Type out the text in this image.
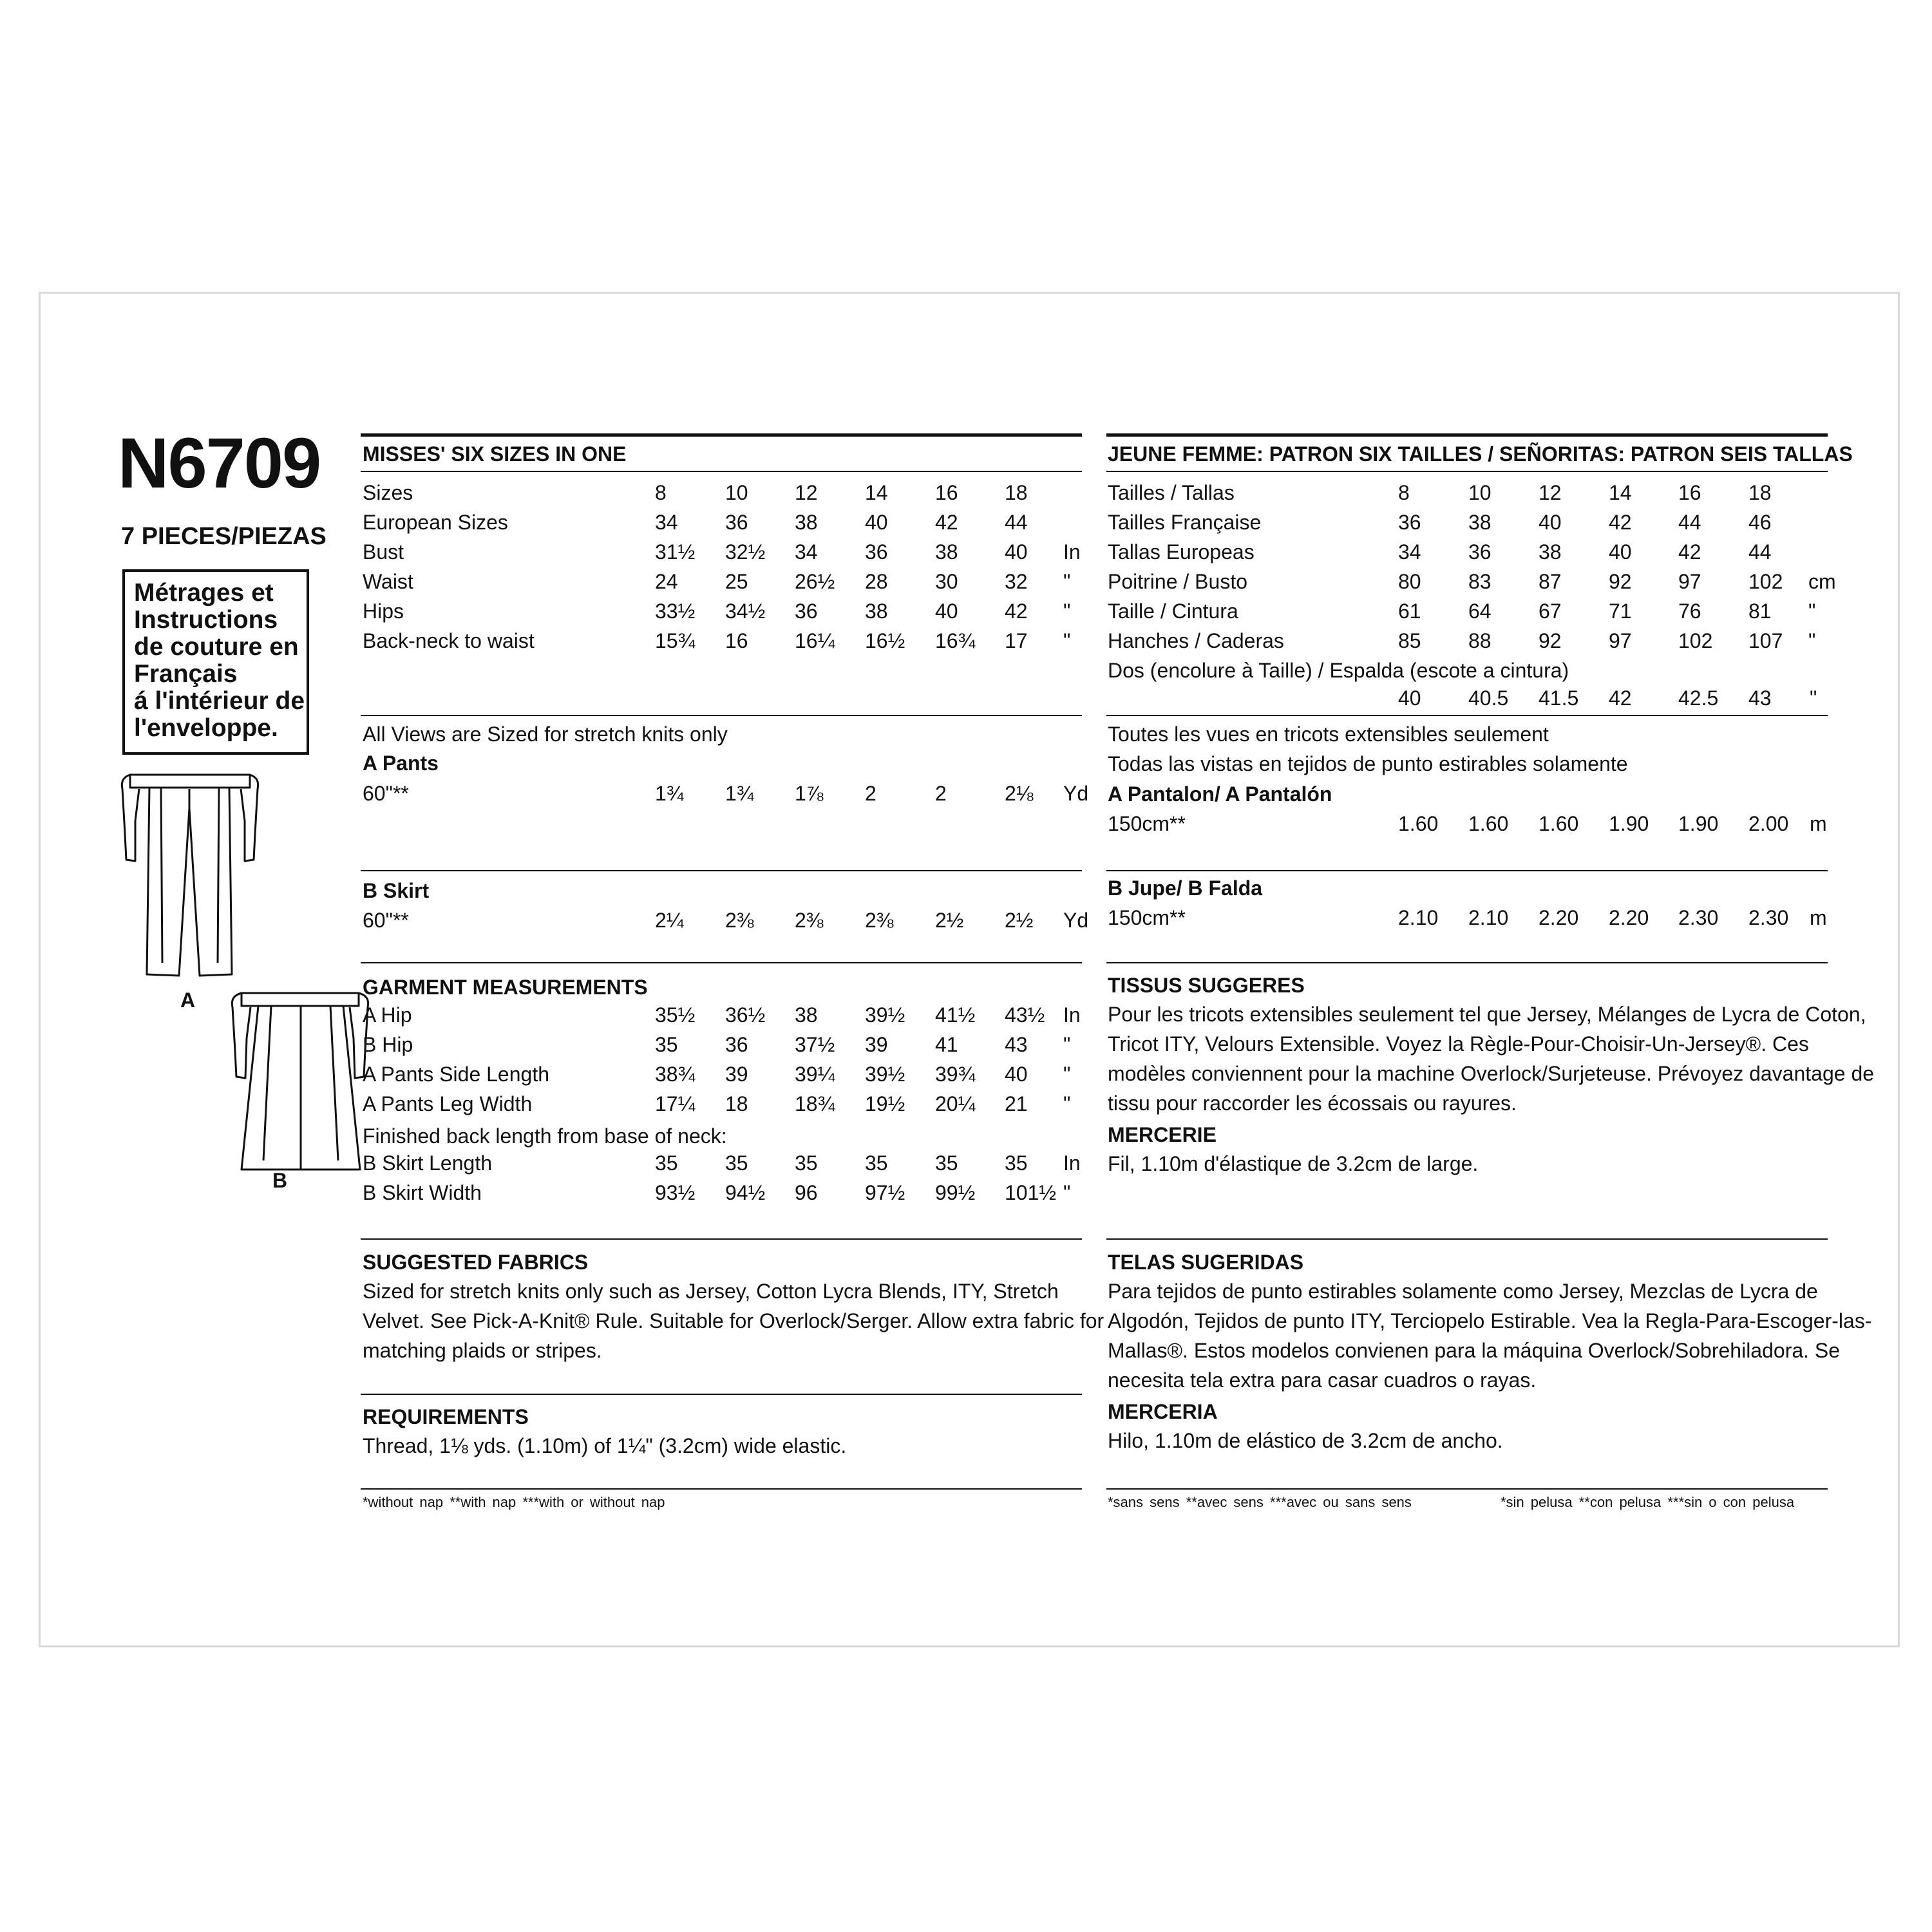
N6709
7 PIECES/PIEZAS
Métrages et
Instructions
de couture en
Français
á l'intérieur de
l'enveloppe.
A
B
MISSES' SIX SIZES IN ONE
Sizes	8	10 12 14 16 18
European Sizes	34 36 38 40 42 44
Bust	31½ 32½ 34 36 38 40 In
Waist	24 25 26½ 28 30 32 "
Hips	33½ 34½ 36 38 40 42 "
Back-neck to waist	15¾ 16 16¼ 16½ 16¾ 17 "
All Views are Sized for stretch knits only
A Pants
60"**	1¾ 1¾ 1⅞ 2	2	2⅛ Yd
B Skirt
60"**	2¼ 2⅜ 2⅜ 2⅜ 2½ 2½ Yd
GARMENT MEASUREMENTS
A Hip	35½ 36½ 38 39½ 41½ 43½ In
B Hip	35 36 37½ 39 41 43 "
A Pants Side Length	38¾ 39 39¼ 39½ 39¾ 40 "
A Pants Leg Width	17¼ 18 18¾ 19½ 20¼ 21 "
Finished back length from base of neck:
B Skirt Length	35 35 35 35 35 35 In
B Skirt Width	93½ 94½ 96 97½ 99½ 101½ "
SUGGESTED FABRICS
Sized for stretch knits only such as Jersey, Cotton Lycra Blends, ITY, Stretch
Velvet. See Pick-A-Knit® Rule. Suitable for Overlock/Serger. Allow extra fabric for
matching plaids or stripes.
REQUIREMENTS
Thread, 1⅛ yds. (1.10m) of 1¼" (3.2cm) wide elastic.
*without nap **with nap ***with or without nap
JEUNE FEMME: PATRON SIX TAILLES / SEÑORITAS: PATRON SEIS TALLAS
Tailles / Tallas	8	10 12 14 16 18
Tailles Française	36 38 40 42 44 46
Tallas Europeas	34 36 38 40 42 44
Poitrine / Busto	80 83 87 92 97 102 cm
Taille / Cintura	61 64 67 71 76 81 "
Hanches / Caderas	85 88 92 97 102 107 "
Dos (encolure à Taille) / Espalda (escote a cintura)
40 40.5 41.5 42 42.5 43 "
Toutes les vues en tricots extensibles seulement
Todas las vistas en tejidos de punto estirables solamente
A Pantalon/ A Pantalón
150cm**	1.60 1.60 1.60 1.90 1.90 2.00 m
B Jupe/ B Falda
150cm**	2.10 2.10 2.20 2.20 2.30 2.30 m
TISSUS SUGGERES
Pour les tricots extensibles seulement tel que Jersey, Mélanges de Lycra de Coton,
Tricot ITY, Velours Extensible. Voyez la Règle-Pour-Choisir-Un-Jersey®. Ces
modèles conviennent pour la machine Overlock/Surjeteuse. Prévoyez davantage de
tissu pour raccorder les écossais ou rayures.
MERCERIE
Fil, 1.10m d'élastique de 3.2cm de large.
TELAS SUGERIDAS
Para tejidos de punto estirables solamente como Jersey, Mezclas de Lycra de
Algodón, Tejidos de punto ITY, Terciopelo Estirable. Vea la Regla-Para-Escoger-las-
Mallas®. Estos modelos convienen para la máquina Overlock/Sobrehiladora. Se
necesita tela extra para casar cuadros o rayas.
MERCERIA
Hilo, 1.10m de elástico de 3.2cm de ancho.
*sans sens **avec sens ***avec ou sans sens	*sin pelusa **con pelusa ***sin o con pelusa
